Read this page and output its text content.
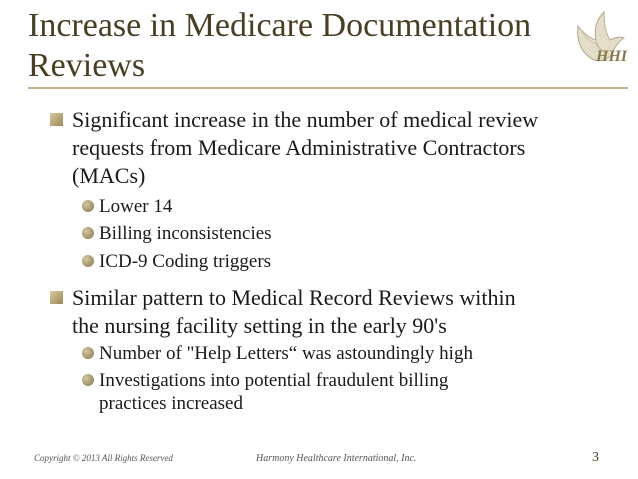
Increase in Medicare Documentation
Reviews	HHI
Significant increase in the number of medical review
requests from Medicare Administrative Contractors
(MACs)
Lower 14
Billing inconsistencies
ICD-9 Coding triggers
Similar pattern to Medical Record Reviews within
the nursing facility setting in the early 90's
Number of "Help Letters“ was astoundingly high
Investigations into potential fraudulent billing
practices increased
Copyright © 2013 All Rights Reserved	Harmony Healthcare International, Inc.	3
